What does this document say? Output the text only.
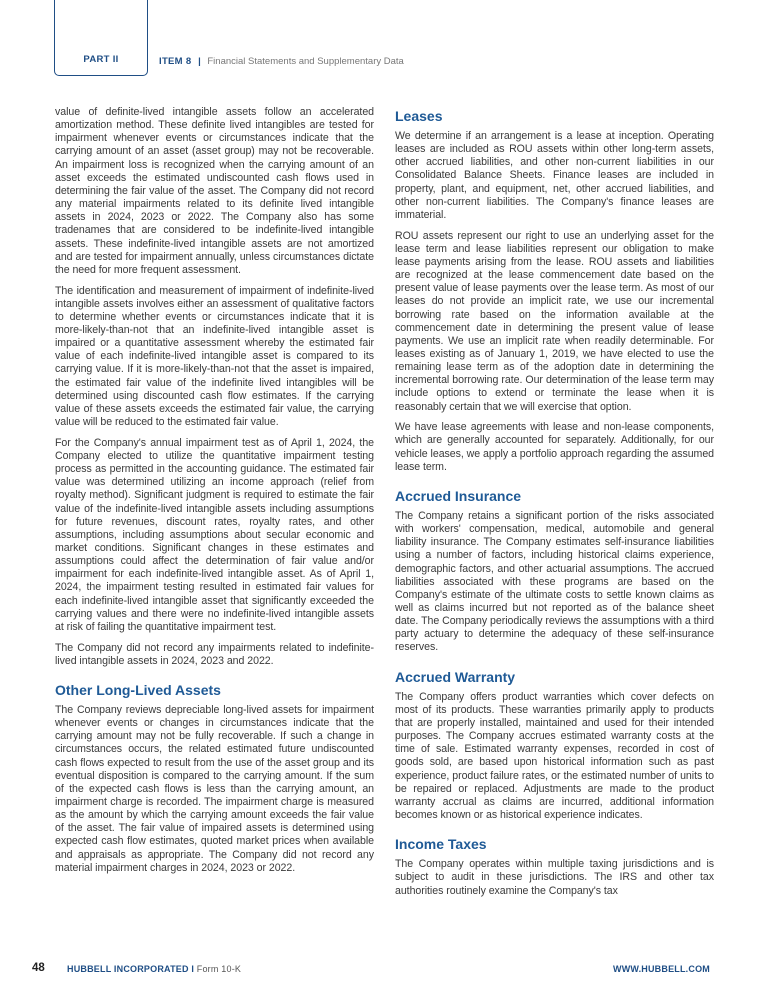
PART II	ITEM 8 | Financial Statements and Supplementary Data

value of definite-lived intangible assets follow an accelerated amortization method. These definite lived intangibles are tested for impairment whenever events or circumstances indicate that the carrying amount of an asset (asset group) may not be recoverable. An impairment loss is recognized when the carrying amount of an asset exceeds the estimated undiscounted cash flows used in determining the fair value of the asset. The Company did not record any material impairments related to its definite lived intangible assets in 2024, 2023 or 2022. The Company also has some tradenames that are considered to be indefinite-lived intangible assets. These indefinite-lived intangible assets are not amortized and are tested for impairment annually, unless circumstances dictate the need for more frequent assessment.

The identification and measurement of impairment of indefinite-lived intangible assets involves either an assessment of qualitative factors to determine whether events or circumstances indicate that it is more-likely-than-not that an indefinite-lived intangible asset is impaired or a quantitative assessment whereby the estimated fair value of each indefinite-lived intangible asset is compared to its carrying value. If it is more-likely-than-not that the asset is impaired, the estimated fair value of the indefinite lived intangibles will be determined using discounted cash flow estimates. If the carrying value of these assets exceeds the estimated fair value, the carrying value will be reduced to the estimated fair value.

For the Company's annual impairment test as of April 1, 2024, the Company elected to utilize the quantitative impairment testing process as permitted in the accounting guidance. The estimated fair value was determined utilizing an income approach (relief from royalty method). Significant judgment is required to estimate the fair value of the indefinite-lived intangible assets including assumptions for future revenues, discount rates, royalty rates, and other assumptions, including assumptions about secular economic and market conditions. Significant changes in these estimates and assumptions could affect the determination of fair value and/or impairment for each indefinite-lived intangible asset. As of April 1, 2024, the impairment testing resulted in estimated fair values for each indefinite-lived intangible asset that significantly exceeded the carrying values and there were no indefinite-lived intangible assets at risk of failing the quantitative impairment test.

The Company did not record any impairments related to indefinite-lived intangible assets in 2024, 2023 and 2022.

Other Long-Lived Assets

The Company reviews depreciable long-lived assets for impairment whenever events or changes in circumstances indicate that the carrying amount may not be fully recoverable. If such a change in circumstances occurs, the related estimated future undiscounted cash flows expected to result from the use of the asset group and its eventual disposition is compared to the carrying amount. If the sum of the expected cash flows is less than the carrying amount, an impairment charge is recorded. The impairment charge is measured as the amount by which the carrying amount exceeds the fair value of the asset. The fair value of impaired assets is determined using expected cash flow estimates, quoted market prices when available and appraisals as appropriate. The Company did not record any material impairment charges in 2024, 2023 or 2022.

Leases

We determine if an arrangement is a lease at inception. Operating leases are included as ROU assets within other long-term assets, other accrued liabilities, and other non-current liabilities in our Consolidated Balance Sheets. Finance leases are included in property, plant, and equipment, net, other accrued liabilities, and other non-current liabilities. The Company's finance leases are immaterial.

ROU assets represent our right to use an underlying asset for the lease term and lease liabilities represent our obligation to make lease payments arising from the lease. ROU assets and liabilities are recognized at the lease commencement date based on the present value of lease payments over the lease term. As most of our leases do not provide an implicit rate, we use our incremental borrowing rate based on the information available at the commencement date in determining the present value of lease payments. We use an implicit rate when readily determinable. For leases existing as of January 1, 2019, we have elected to use the remaining lease term as of the adoption date in determining the incremental borrowing rate. Our determination of the lease term may include options to extend or terminate the lease when it is reasonably certain that we will exercise that option.

We have lease agreements with lease and non-lease components, which are generally accounted for separately. Additionally, for our vehicle leases, we apply a portfolio approach regarding the assumed lease term.

Accrued Insurance

The Company retains a significant portion of the risks associated with workers' compensation, medical, automobile and general liability insurance. The Company estimates self-insurance liabilities using a number of factors, including historical claims experience, demographic factors, and other actuarial assumptions. The accrued liabilities associated with these programs are based on the Company's estimate of the ultimate costs to settle known claims as well as claims incurred but not reported as of the balance sheet date. The Company periodically reviews the assumptions with a third party actuary to determine the adequacy of these self-insurance reserves.

Accrued Warranty

The Company offers product warranties which cover defects on most of its products. These warranties primarily apply to products that are properly installed, maintained and used for their intended purposes. The Company accrues estimated warranty costs at the time of sale. Estimated warranty expenses, recorded in cost of goods sold, are based upon historical information such as past experience, product failure rates, or the estimated number of units to be repaired or replaced. Adjustments are made to the product warranty accrual as claims are incurred, additional information becomes known or as historical experience indicates.

Income Taxes

The Company operates within multiple taxing jurisdictions and is subject to audit in these jurisdictions. The IRS and other tax authorities routinely examine the Company's tax

48 HUBBELL INCORPORATED I Form 10-K	WWW.HUBBELL.COM
